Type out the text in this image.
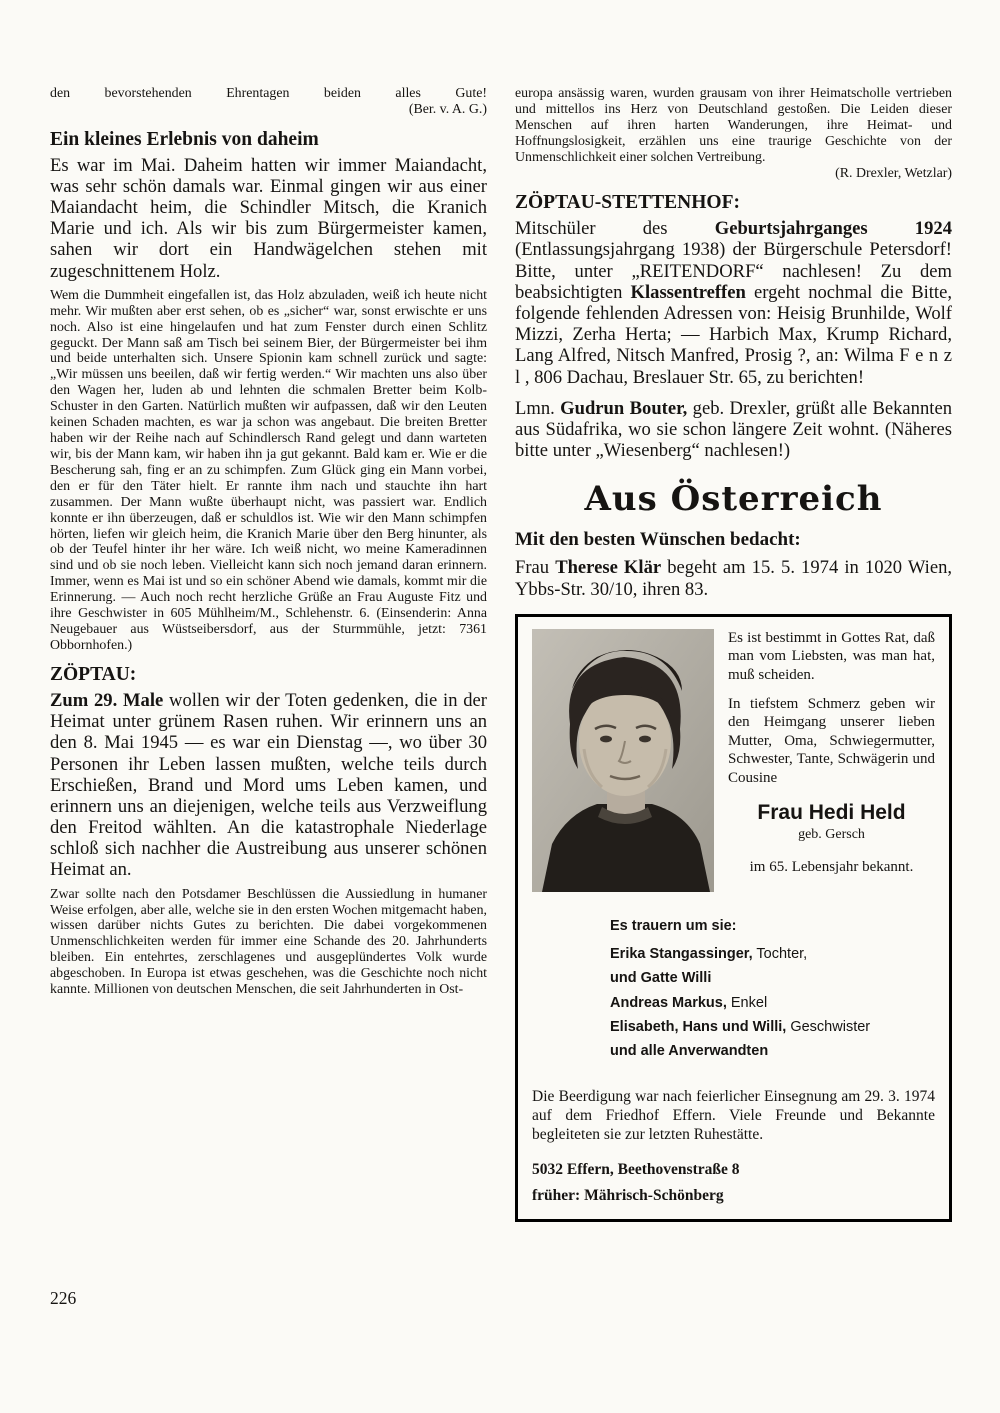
den bevorstehenden Ehrentagen beiden alles Gute!

(Ber. v. A. G.)

Ein kleines Erlebnis von daheim

Es war im Mai. Daheim hatten wir immer Maiandacht, was sehr schön damals war. Einmal gingen wir aus einer Maiandacht heim, die Schindler Mitsch, die Kranich Marie und ich. Als wir bis zum Bürgermeister kamen, sahen wir dort ein Handwägelchen stehen mit zugeschnittenem Holz.

Wem die Dummheit eingefallen ist, das Holz abzuladen, weiß ich heute nicht mehr. Wir mußten aber erst sehen, ob es „sicher“ war, sonst erwischte er uns noch. Also ist eine hingelaufen und hat zum Fenster durch einen Schlitz geguckt. Der Mann saß am Tisch bei seinem Bier, der Bürgermeister bei ihm und beide unterhalten sich. Unsere Spionin kam schnell zurück und sagte: „Wir müssen uns beeilen, daß wir fertig werden.“ Wir machten uns also über den Wagen her, luden ab und lehnten die schmalen Bretter beim Kolb-Schuster in den Garten. Natürlich mußten wir aufpassen, daß wir den Leuten keinen Schaden machten, es war ja schon was angebaut. Die breiten Bretter haben wir der Reihe nach auf Schindlersch Rand gelegt und dann warteten wir, bis der Mann kam, wir haben ihn ja gut gekannt. Bald kam er. Wie er die Bescherung sah, fing er an zu schimpfen. Zum Glück ging ein Mann vorbei, den er für den Täter hielt. Er rannte ihm nach und stauchte ihn hart zusammen. Der Mann wußte überhaupt nicht, was passiert war. Endlich konnte er ihn überzeugen, daß er schuldlos ist. Wie wir den Mann schimpfen hörten, liefen wir gleich heim, die Kranich Marie über den Berg hinunter, als ob der Teufel hinter ihr her wäre. Ich weiß nicht, wo meine Kameradinnen sind und ob sie noch leben. Vielleicht kann sich noch jemand daran erinnern. Immer, wenn es Mai ist und so ein schöner Abend wie damals, kommt mir die Erinnerung. — Auch noch recht herzliche Grüße an Frau Auguste Fitz und ihre Geschwister in 605 Mühlheim/M., Schlehenstr. 6. (Einsenderin: Anna Neugebauer aus Wüstseibersdorf, aus der Sturmmühle, jetzt: 7361 Obbornhofen.)

ZÖPTAU:

Zum 29. Male wollen wir der Toten gedenken, die in der Heimat unter grünem Rasen ruhen. Wir erinnern uns an den 8. Mai 1945 — es war ein Dienstag —, wo über 30 Personen ihr Leben lassen mußten, welche teils durch Erschießen, Brand und Mord ums Leben kamen, und erinnern uns an diejenigen, welche teils aus Verzweiflung den Freitod wählten. An die katastrophale Niederlage schloß sich nachher die Austreibung aus unserer schönen Heimat an.

Zwar sollte nach den Potsdamer Beschlüssen die Aussiedlung in humaner Weise erfolgen, aber alle, welche sie in den ersten Wochen mitgemacht haben, wissen darüber nichts Gutes zu berichten. Die dabei vorgekommenen Unmenschlichkeiten werden für immer eine Schande des 20. Jahrhunderts bleiben. Ein entehrtes, zerschlagenes und ausgeplündertes Volk wurde abgeschoben. In Europa ist etwas geschehen, was die Geschichte noch nicht kannte. Millionen von deutschen Menschen, die seit Jahrhunderten in Ost-

europa ansässig waren, wurden grausam von ihrer Heimatscholle vertrieben und mittellos ins Herz von Deutschland gestoßen. Die Leiden dieser Menschen auf ihren harten Wanderungen, ihre Heimat- und Hoffnungslosigkeit, erzählen uns eine traurige Geschichte von der Unmenschlichkeit einer solchen Vertreibung.

(R. Drexler, Wetzlar)

ZÖPTAU-STETTENHOF:

Mitschüler des Geburtsjahrganges 1924 (Entlassungsjahrgang 1938) der Bürgerschule Petersdorf! Bitte, unter „REITENDORF“ nachlesen! Zu dem beabsichtigten Klassentreffen ergeht nochmal die Bitte, folgende fehlenden Adressen von: Heisig Brunhilde, Wolf Mizzi, Zerha Herta; — Harbich Max, Krump Richard, Lang Alfred, Nitsch Manfred, Prosig ?, an: Wilma F e n z l , 806 Dachau, Breslauer Str. 65, zu berichten!

Lmn. Gudrun Bouter, geb. Drexler, grüßt alle Bekannten aus Südafrika, wo sie schon längere Zeit wohnt. (Näheres bitte unter „Wiesenberg“ nachlesen!)

Aus Österreich

Mit den besten Wünschen bedacht:

Frau Therese Klär begeht am 15. 5. 1974 in 1020 Wien, Ybbs-Str. 30/10, ihren 83.

Es ist bestimmt in Gottes Rat, daß man vom Liebsten, was man hat, muß scheiden.

In tiefstem Schmerz geben wir den Heimgang unserer lieben Mutter, Oma, Schwiegermutter, Schwester, Tante, Schwägerin und Cousine

Frau Hedi Held
geb. Gersch
im 65. Lebensjahr bekannt.

Es trauern um sie:

Erika Stangassinger, Tochter,

und Gatte Willi

Andreas Markus, Enkel

Elisabeth, Hans und Willi, Geschwister

und alle Anverwandten

Die Beerdigung war nach feierlicher Einsegnung am 29. 3. 1974 auf dem Friedhof Effern. Viele Freunde und Bekannte begleiteten sie zur letzten Ruhestätte.

5032 Effern, Beethovenstraße 8

früher: Mährisch-Schönberg

226
